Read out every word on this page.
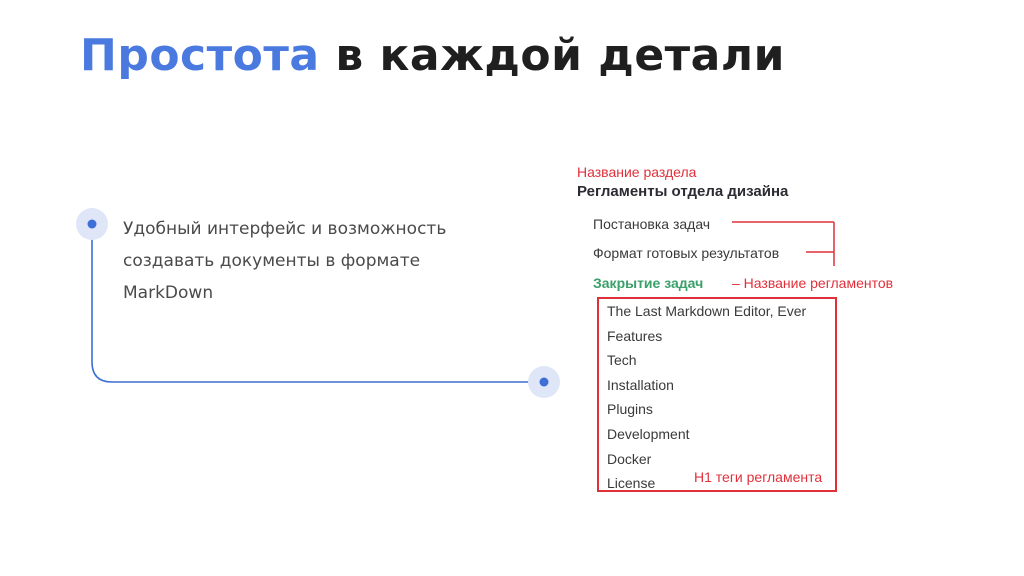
Простота в каждой детали
Удобный интерфейс и возможность
создавать документы в формате
MarkDown
Название раздела
Регламенты отдела дизайна
Постановка задач
Формат готовых результатов
Закрытие задач – Название регламентов
The Last Markdown Editor, Ever
Features
Tech
Installation
Plugins
Development
Docker
License	H1 теги регламента
